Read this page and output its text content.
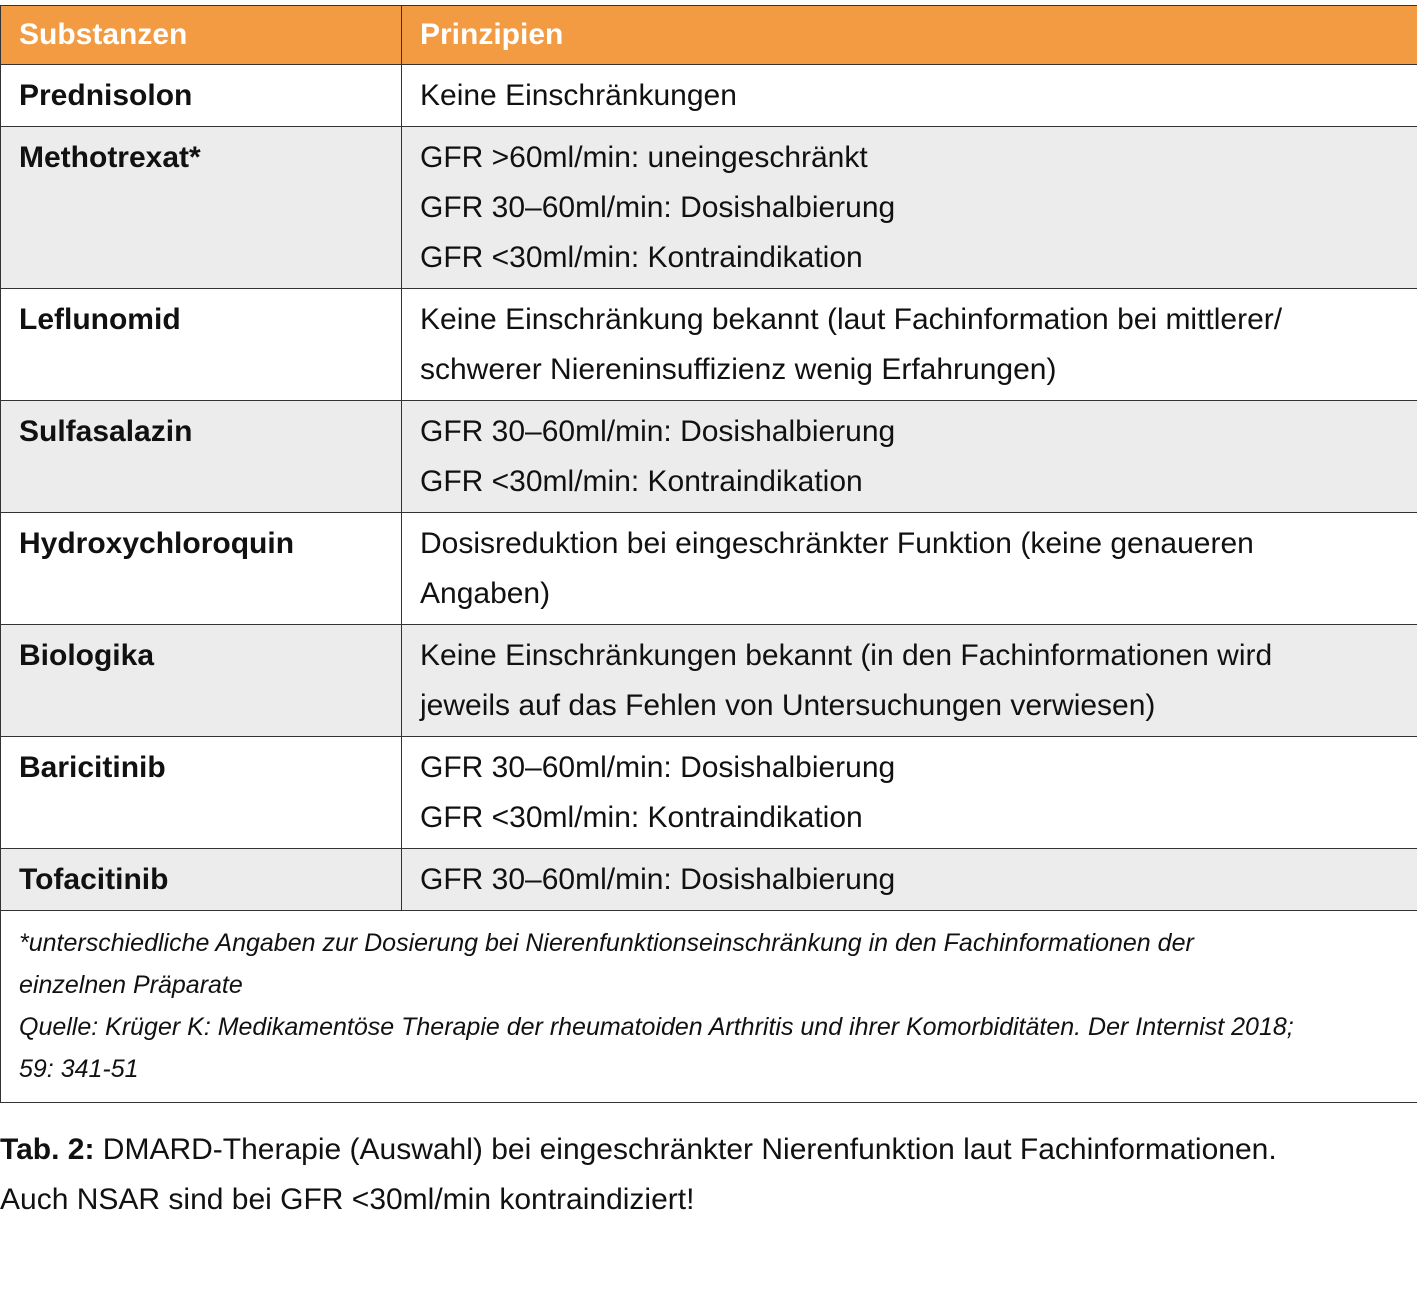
Substanzen	Prinzipien
Prednisolon	Keine Einschränkungen

Methotrexat*	GFR >60ml/min: uneingeschränkt
GFR 30–60ml/min: Dosishalbierung
GFR <30ml/min: Kontraindikation

Leflunomid	Keine Einschränkung bekannt (laut Fachinformation bei mittlerer/
schwerer Niereninsuffizienz wenig Erfahrungen)

Sulfasalazin	GFR 30–60ml/min: Dosishalbierung
GFR <30ml/min: Kontraindikation

Hydroxychloroquin	Dosisreduktion bei eingeschränkter Funktion (keine genaueren
Angaben)

Biologika	Keine Einschränkungen bekannt (in den Fachinformationen wird
jeweils auf das Fehlen von Untersuchungen verwiesen)

Baricitinib	GFR 30–60ml/min: Dosishalbierung
GFR <30ml/min: Kontraindikation

Tofacitinib	GFR 30–60ml/min: Dosishalbierung

*unterschiedliche Angaben zur Dosierung bei Nierenfunktionseinschränkung in den Fachinformationen der
einzelnen Präparate
Quelle: Krüger K: Medikamentöse Therapie der rheumatoiden Arthritis und ihrer Komorbiditäten. Der Internist 2018;
59: 341-51	
Tab. 2: DMARD-Therapie (Auswahl) bei eingeschränkter Nierenfunktion laut Fachinformationen.
Auch NSAR sind bei GFR <30ml/min kontraindiziert!
